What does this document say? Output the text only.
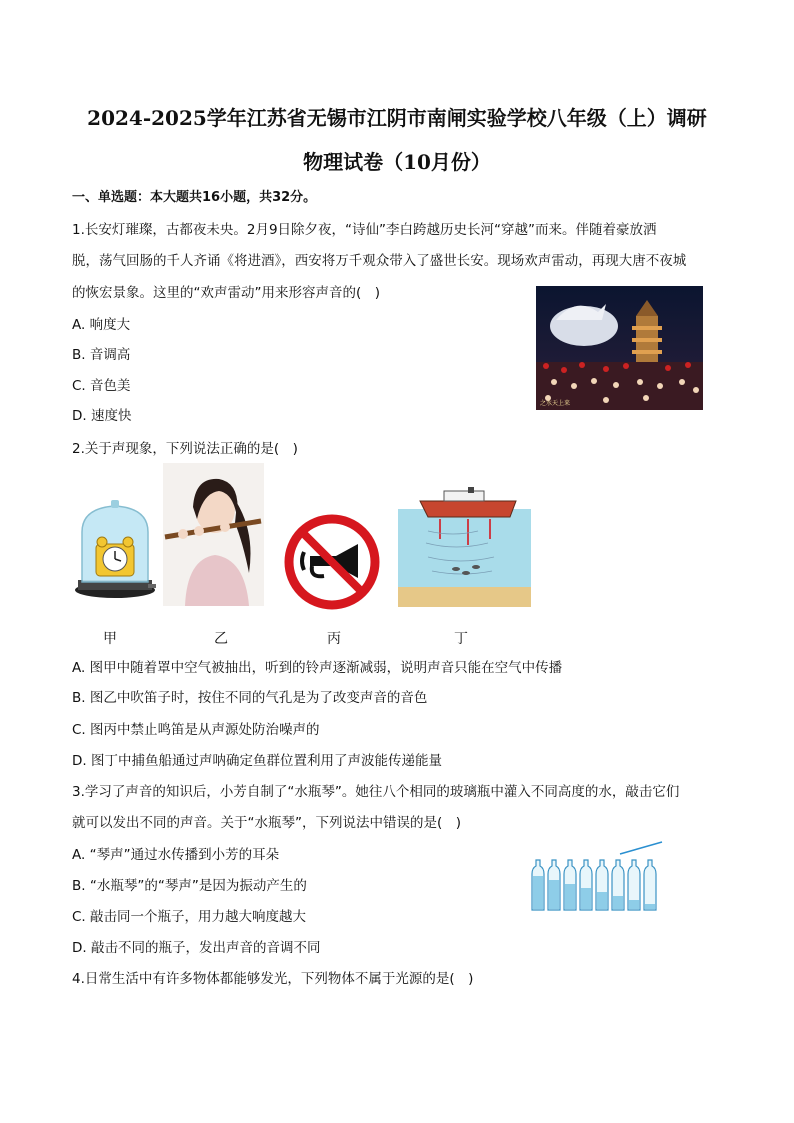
2024-2025学年江苏省无锡市江阴市南闸实验学校八年级（上）调研
物理试卷（10月份）
一、单选题：本大题共16小题，共32分。
1.长安灯璀璨，古都夜未央。2月9日除夕夜，“诗仙”李白跨越历史长河“穿越”而来。伴随着豪放洒
脱，荡气回肠的千人齐诵《将进酒》，西安将万千观众带入了盛世长安。现场欢声雷动，再现大唐不夜城
的恢宏景象。这里的“欢声雷动”用来形容声音的(　)
A. 响度大
B. 音调高
C. 音色美
D. 速度快
之水天上来
2.关于声现象，下列说法正确的是(　)
甲	乙	丙	丁
A. 图甲中随着罩中空气被抽出，听到的铃声逐渐减弱，说明声音只能在空气中传播
B. 图乙中吹笛子时，按住不同的气孔是为了改变声音的音色
C. 图丙中禁止鸣笛是从声源处防治噪声的
D. 图丁中捕鱼船通过声呐确定鱼群位置利用了声波能传递能量
3.学习了声音的知识后，小芳自制了“水瓶琴”。她往八个相同的玻璃瓶中灌入不同高度的水，敲击它们
就可以发出不同的声音。关于“水瓶琴”，下列说法中错误的是(　)
A. “琴声”通过水传播到小芳的耳朵
B. “水瓶琴”的“琴声”是因为振动产生的
C. 敲击同一个瓶子，用力越大响度越大
D. 敲击不同的瓶子，发出声音的音调不同
4.日常生活中有许多物体都能够发光，下列物体不属于光源的是(　)
